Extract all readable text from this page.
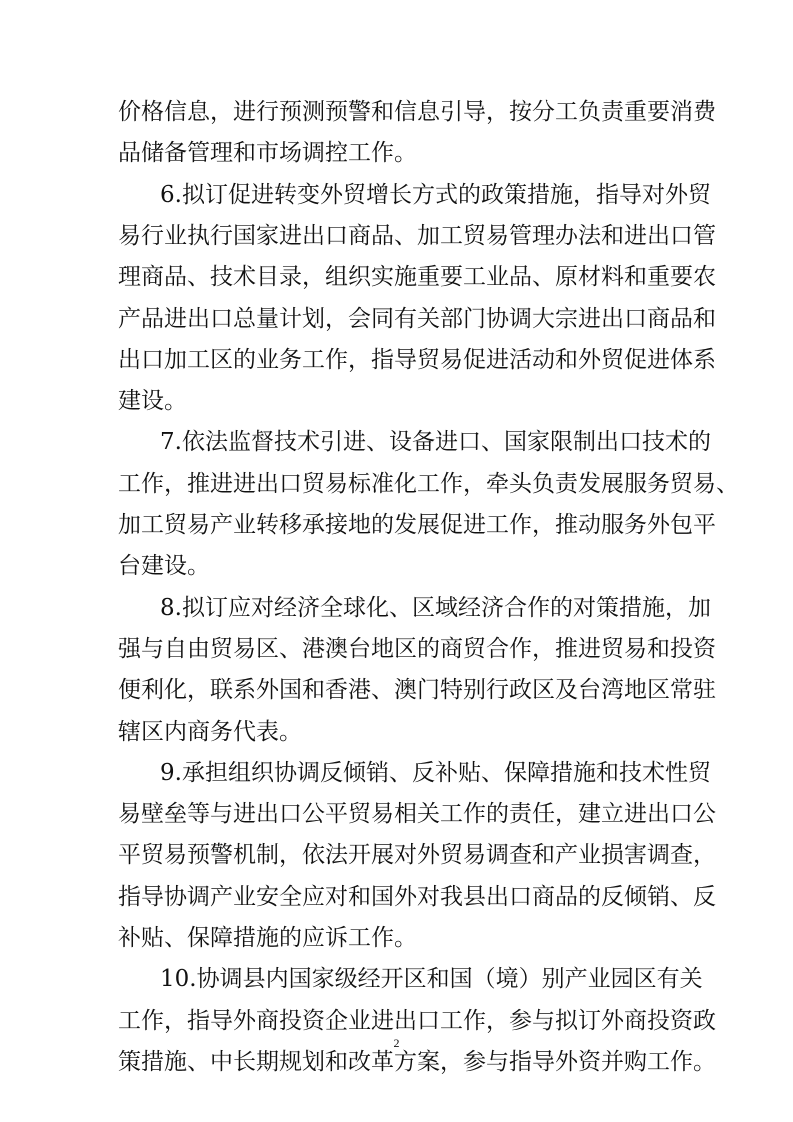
价格信息，进行预测预警和信息引导，按分工负责重要消费
品储备管理和市场调控工作。
6.拟订促进转变外贸增长方式的政策措施，指导对外贸
易行业执行国家进出口商品、加工贸易管理办法和进出口管
理商品、技术目录，组织实施重要工业品、原材料和重要农
产品进出口总量计划，会同有关部门协调大宗进出口商品和
出口加工区的业务工作，指导贸易促进活动和外贸促进体系
建设。
7.依法监督技术引进、设备进口、国家限制出口技术的
工作，推进进出口贸易标准化工作，牵头负责发展服务贸易、
加工贸易产业转移承接地的发展促进工作，推动服务外包平
台建设。
8.拟订应对经济全球化、区域经济合作的对策措施，加
强与自由贸易区、港澳台地区的商贸合作，推进贸易和投资
便利化，联系外国和香港、澳门特别行政区及台湾地区常驻
辖区内商务代表。
9.承担组织协调反倾销、反补贴、保障措施和技术性贸
易壁垒等与进出口公平贸易相关工作的责任，建立进出口公
平贸易预警机制，依法开展对外贸易调查和产业损害调查，
指导协调产业安全应对和国外对我县出口商品的反倾销、反
补贴、保障措施的应诉工作。
10.协调县内国家级经开区和国（境）别产业园区有关
工作，指导外商投资企业进出口工作，参与拟订外商投资政
策措施、中长期规划和改革方案，参与指导外资并购工作。
2
